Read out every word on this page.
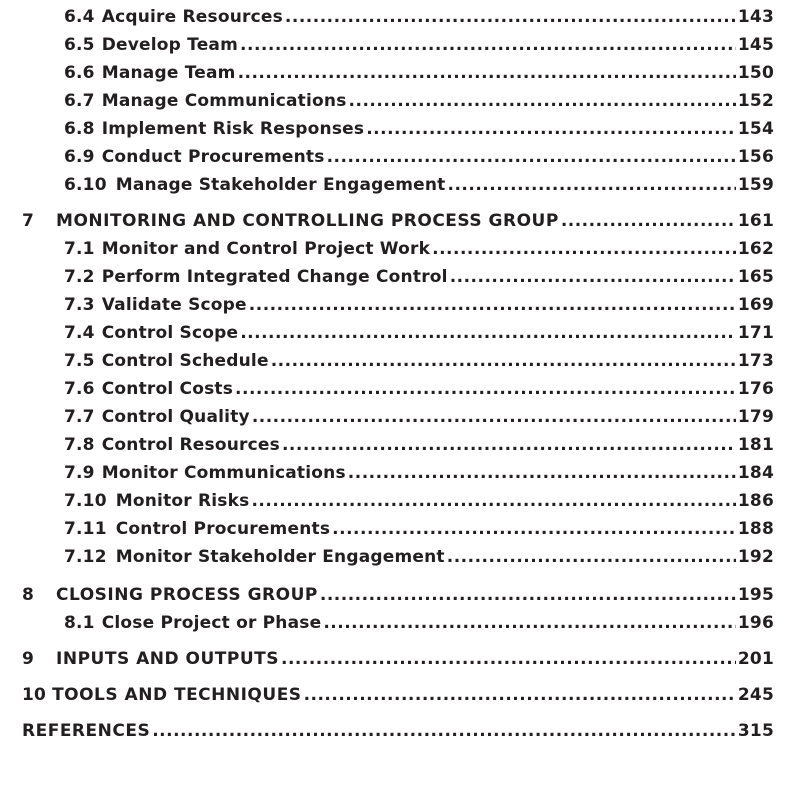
6.4 Acquire Resources .....	143
6.5 Develop Team .....	145
6.6 Manage Team .....	150
6.7 Manage Communications .....	152
6.8 Implement Risk Responses .....	154
6.9 Conduct Procurements .....	156
6.10 Manage Stakeholder Engagement .....	159
7 MONITORING AND CONTROLLING PROCESS GROUP .....	161
7.1 Monitor and Control Project Work .....	162
7.2 Perform Integrated Change Control .....	165
7.3 Validate Scope .....	169
7.4 Control Scope .....	171
7.5 Control Schedule .....	173
7.6 Control Costs .....	176
7.7 Control Quality .....	179
7.8 Control Resources .....	181
7.9 Monitor Communications .....	184
7.10 Monitor Risks .....	186
7.11 Control Procurements .....	188
7.12 Monitor Stakeholder Engagement .....	192
8 CLOSING PROCESS GROUP .....	195
8.1 Close Project or Phase .....	196
9 INPUTS AND OUTPUTS .....	201
10 TOOLS AND TECHNIQUES .....	245
REFERENCES .....	315
